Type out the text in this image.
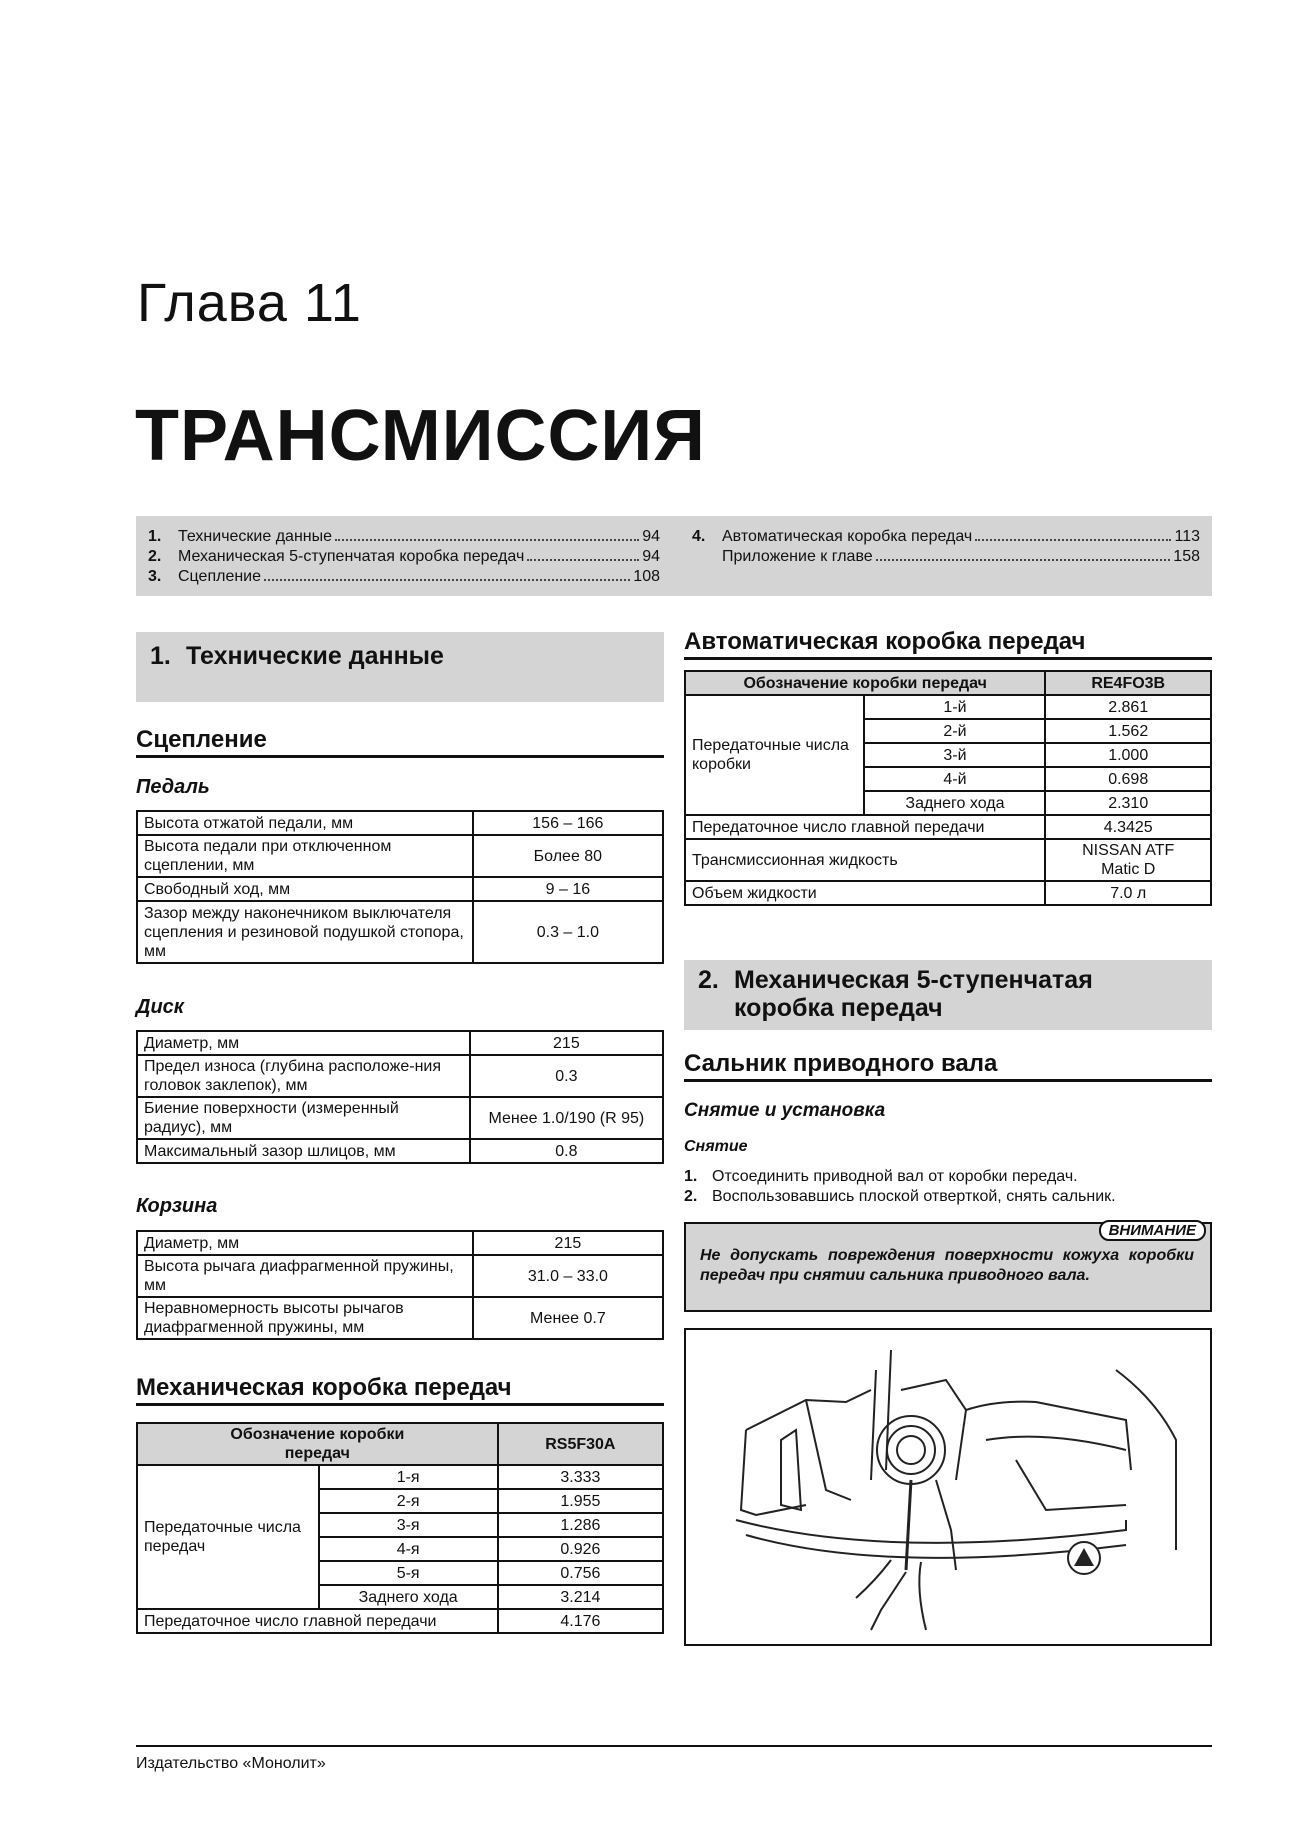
Глава 11
ТРАНСМИССИЯ
1.	Технические данные	94
2.	Механическая 5-ступенчатая коробка передач	94
3.	Сцепление	108
4.	Автоматическая коробка передач	113
Приложение к главе	158
1. Технические данные
Сцепление
Педаль
Высота отжатой педали, мм	156 – 166
Высота педали при отключенном сцеплении, мм	Более 80
Свободный ход, мм	9 – 16
Зазор между наконечником выключателя сцепления и резиновой подушкой стопора, мм	0.3 – 1.0
Диск
Диаметр, мм	215
Предел износа (глубина расположе-ния головок заклепок), мм	0.3
Биение поверхности (измеренный радиус), мм	Менее 1.0/190 (R 95)
Максимальный зазор шлицов, мм	0.8
Корзина
Диаметр, мм	215
Высота рычага диафрагменной пружины, мм	31.0 – 33.0
Неравномерность высоты рычагов диафрагменной пружины, мм	Менее 0.7
Механическая коробка передач
Обозначение коробки передач		RS5F30A
Передаточные числа передач	1-я	3.333
	2-я	1.955
	3-я	1.286
	4-я	0.926
	5-я	0.756
	Заднего хода	3.214
Передаточное число главной передачи		4.176
Автоматическая коробка передач
Обозначение коробки передач		RE4FO3B
Передаточные числа коробки	1-й	2.861
	2-й	1.562
	3-й	1.000
	4-й	0.698
	Заднего хода	2.310
Передаточное число главной передачи		4.3425
Трансмиссионная жидкость		NISSAN ATF Matic D
Объем жидкости		7.0 л
2. Механическая 5-ступенчатая коробка передач
Сальник приводного вала
Снятие и установка
Снятие
1. Отсоединить приводной вал от коробки передач.
2. Воспользовавшись плоской отверткой, снять сальник.
ВНИМАНИЕ
Не допускать повреждения поверхности кожуха коробки передач при снятии сальника приводного вала.
Издательство «Монолит»
